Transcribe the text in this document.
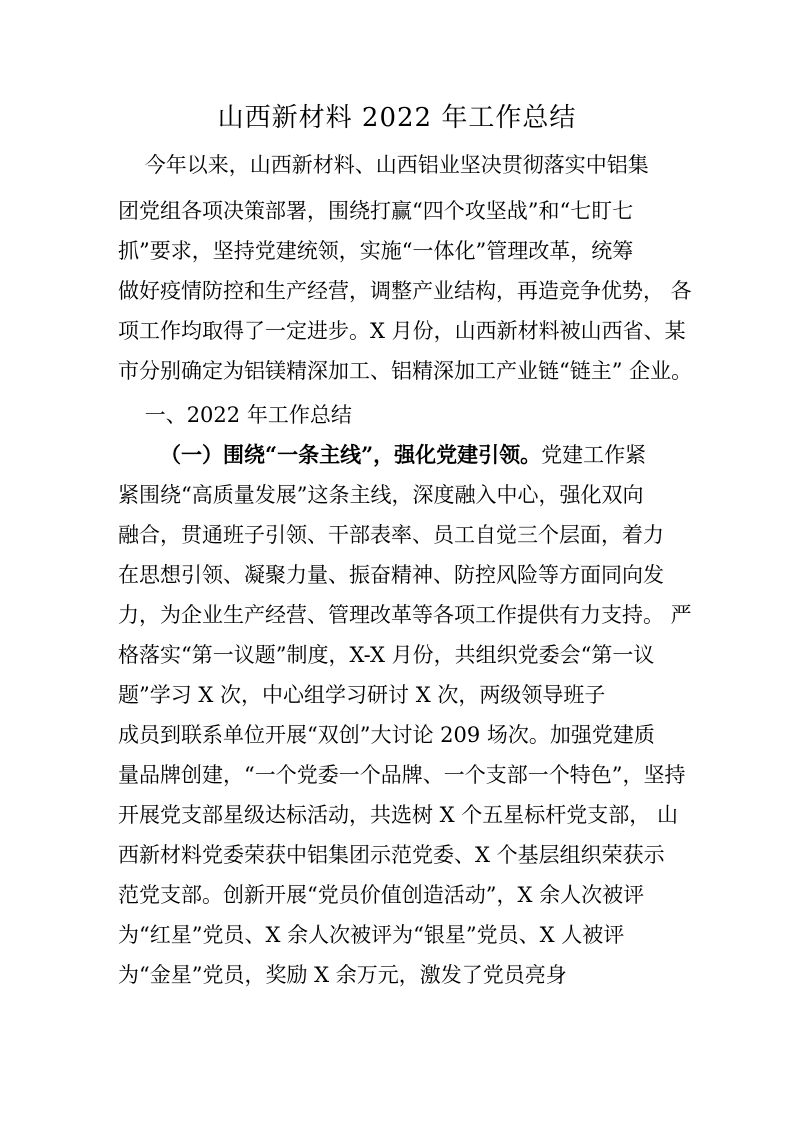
山西新材料 2022 年工作总结
今年以来，山西新材料、山西铝业坚决贯彻落实中铝集
团党组各项决策部署，围绕打赢“四个攻坚战”和“七盯七
抓”要求，坚持党建统领，实施“一体化”管理改革，统筹
做好疫情防控和生产经营，调整产业结构，再造竞争优势， 各
项工作均取得了一定进步。X 月份，山西新材料被山西省、某
市分别确定为铝镁精深加工、铝精深加工产业链“链主” 企业。
一、2022 年工作总结
（一）围绕“一条主线”，强化党建引领。党建工作紧
紧围绕“高质量发展”这条主线，深度融入中心，强化双向
融合，贯通班子引领、干部表率、员工自觉三个层面，着力
在思想引领、凝聚力量、振奋精神、防控风险等方面同向发
力，为企业生产经营、管理改革等各项工作提供有力支持。 严
格落实“第一议题”制度，X-X 月份，共组织党委会“第一议
题”学习 X 次，中心组学习研讨 X 次，两级领导班子
成员到联系单位开展“双创”大讨论 209 场次。加强党建质
量品牌创建，“一个党委一个品牌、一个支部一个特色”，坚持
开展党支部星级达标活动，共选树 X 个五星标杆党支部， 山
西新材料党委荣获中铝集团示范党委、X 个基层组织荣获示
范党支部。创新开展“党员价值创造活动”，X 余人次被评
为“红星”党员、X 余人次被评为“银星”党员、X 人被评
为“金星”党员，奖励 X 余万元，激发了党员亮身
